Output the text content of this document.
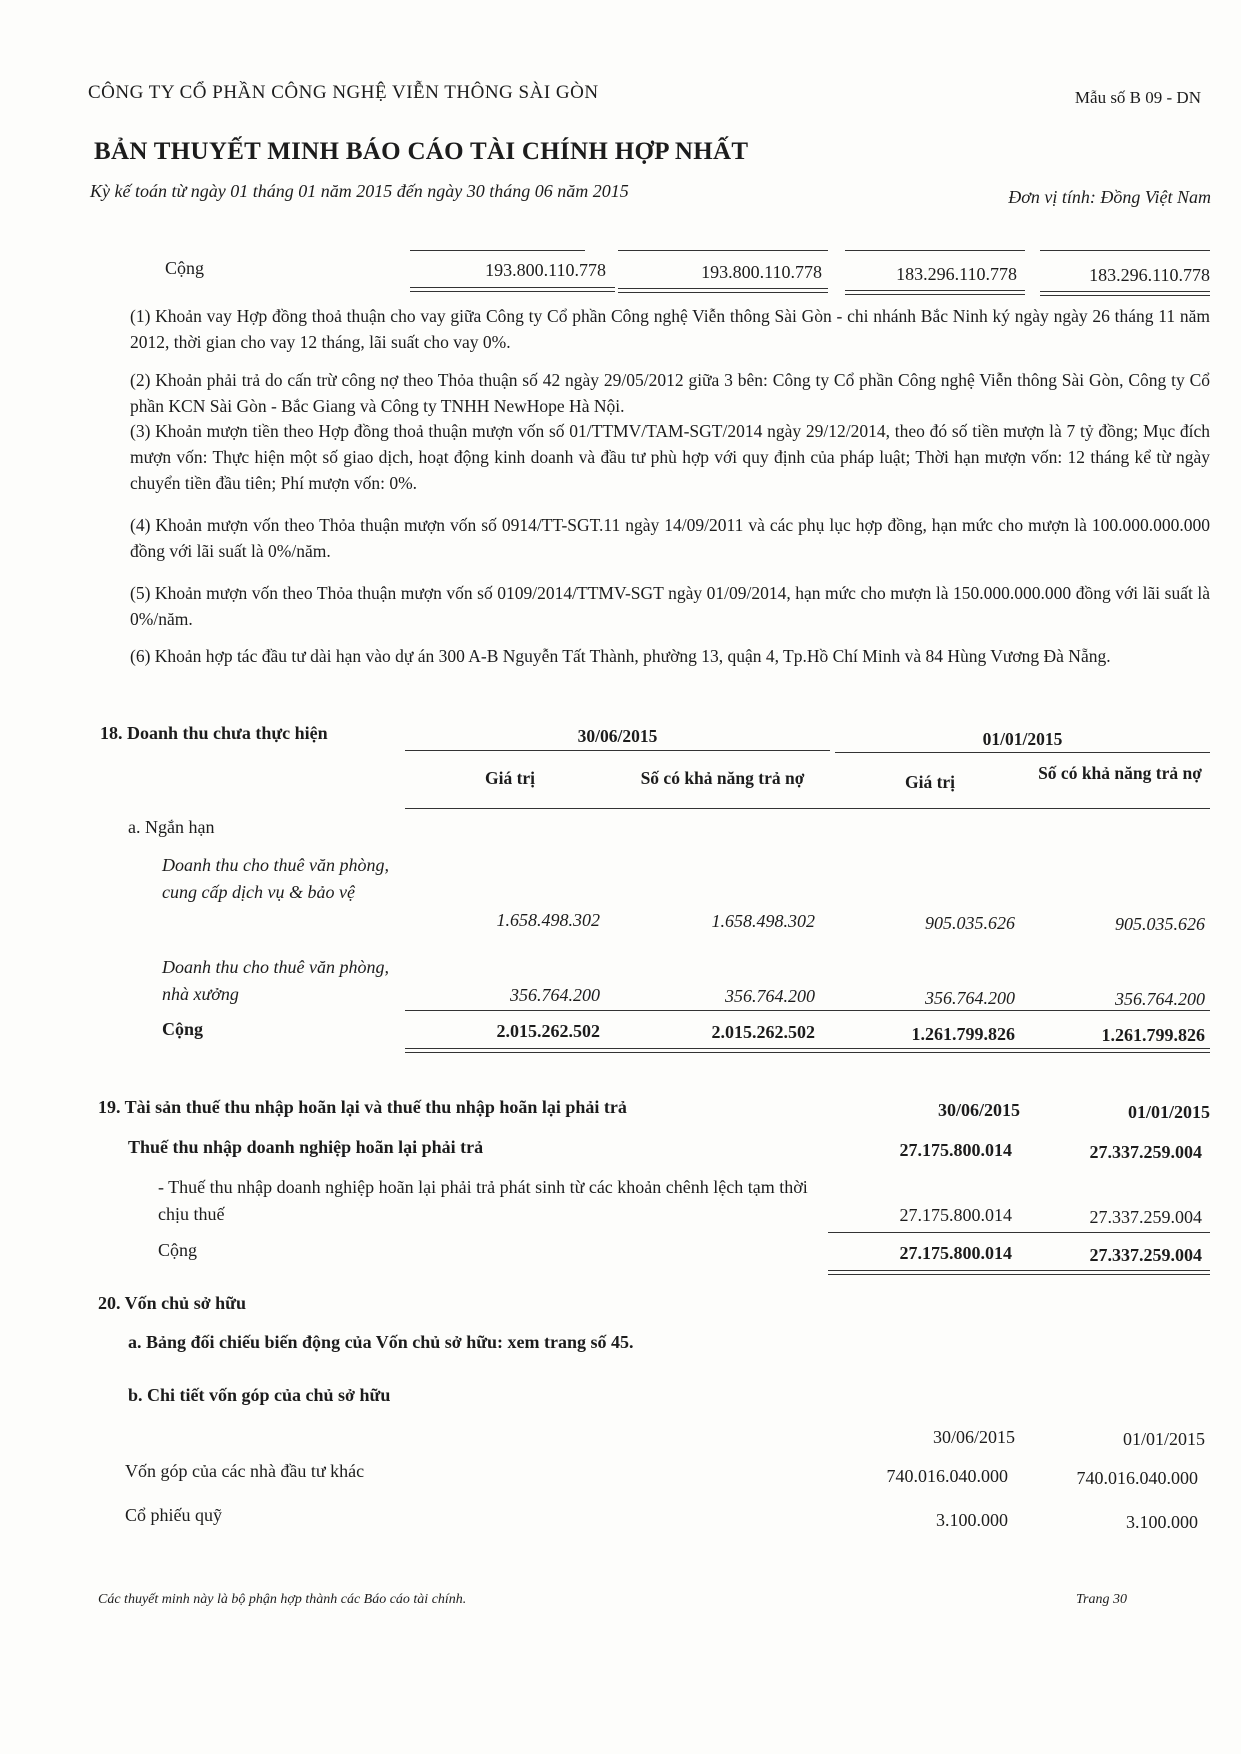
CÔNG TY CỔ PHẦN CÔNG NGHỆ VIỄN THÔNG SÀI GÒN	Mẫu số B 09 - DN
BẢN THUYẾT MINH BÁO CÁO TÀI CHÍNH HỢP NHẤT
Kỳ kế toán từ ngày 01 tháng 01 năm 2015 đến ngày 30 tháng 06 năm 2015	Đơn vị tính: Đồng Việt Nam
Cộng	193.800.110.778	193.800.110.778	183.296.110.778	183.296.110.778
(1) Khoản vay Hợp đồng thoả thuận cho vay giữa Công ty Cổ phần Công nghệ Viễn thông Sài Gòn - chi nhánh Bắc Ninh ký ngày ngày 26 tháng 11 năm 2012, thời gian cho vay 12 tháng, lãi suất cho vay 0%.
(2) Khoản phải trả do cấn trừ công nợ theo Thỏa thuận số 42 ngày 29/05/2012 giữa 3 bên: Công ty Cổ phần Công nghệ Viễn thông Sài Gòn, Công ty Cổ phần KCN Sài Gòn - Bắc Giang và Công ty TNHH NewHope Hà Nội.
(3) Khoản mượn tiền theo Hợp đồng thoả thuận mượn vốn số 01/TTMV/TAM-SGT/2014 ngày 29/12/2014, theo đó số tiền mượn là 7 tỷ đồng; Mục đích mượn vốn: Thực hiện một số giao dịch, hoạt động kinh doanh và đầu tư phù hợp với quy định của pháp luật; Thời hạn mượn vốn: 12 tháng kể từ ngày chuyển tiền đầu tiên; Phí mượn vốn: 0%.
(4) Khoản mượn vốn theo Thỏa thuận mượn vốn số 0914/TT-SGT.11 ngày 14/09/2011 và các phụ lục hợp đồng, hạn mức cho mượn là 100.000.000.000 đồng với lãi suất là 0%/năm.
(5) Khoản mượn vốn theo Thỏa thuận mượn vốn số 0109/2014/TTMV-SGT ngày 01/09/2014, hạn mức cho mượn là 150.000.000.000 đồng với lãi suất là 0%/năm.
(6) Khoản hợp tác đầu tư dài hạn vào dự án 300 A-B Nguyễn Tất Thành, phường 13, quận 4, Tp.Hồ Chí Minh và 84 Hùng Vương Đà Nẵng.
18. Doanh thu chưa thực hiện	30/06/2015	01/01/2015
Giá trị	Số có khả năng trả nợ	Giá trị	Số có khả năng trả nợ
a. Ngắn hạn
Doanh thu cho thuê văn phòng, cung cấp dịch vụ & bảo vệ
1.658.498.302	1.658.498.302	905.035.626	905.035.626
Doanh thu cho thuê văn phòng, nhà xưởng	356.764.200	356.764.200	356.764.200	356.764.200
Cộng	2.015.262.502	2.015.262.502	1.261.799.826	1.261.799.826
19. Tài sản thuế thu nhập hoãn lại và thuế thu nhập hoãn lại phải trả	30/06/2015	01/01/2015
Thuế thu nhập doanh nghiệp hoãn lại phải trả	27.175.800.014	27.337.259.004
- Thuế thu nhập doanh nghiệp hoãn lại phải trả phát sinh từ các khoản chênh lệch tạm thời chịu thuế	27.175.800.014	27.337.259.004
Cộng	27.175.800.014	27.337.259.004
20. Vốn chủ sở hữu
a. Bảng đối chiếu biến động của Vốn chủ sở hữu: xem trang số 45.
b. Chi tiết vốn góp của chủ sở hữu
30/06/2015	01/01/2015
Vốn góp của các nhà đầu tư khác	740.016.040.000	740.016.040.000
Cổ phiếu quỹ	3.100.000	3.100.000
Các thuyết minh này là bộ phận hợp thành các Báo cáo tài chính.	Trang 30
